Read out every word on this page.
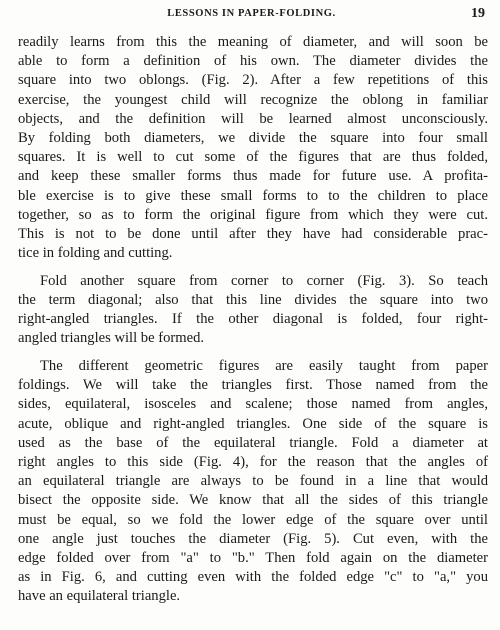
LESSONS IN PAPER-FOLDING.	19
readily learns from this the meaning of diameter, and will soon be
able to form a definition of his own. The diameter divides the
square into two oblongs. (Fig. 2). After a few repetitions of this
exercise, the youngest child will recognize the oblong in familiar
objects, and the definition will be learned almost unconsciously.
By folding both diameters, we divide the square into four small
squares. It is well to cut some of the figures that are thus folded,
and keep these smaller forms thus made for future use. A profita-
ble exercise is to give these small forms to to the children to place
together, so as to form the original figure from which they were cut.
This is not to be done until after they have had considerable prac-
tice in folding and cutting.
Fold another square from corner to corner (Fig. 3). So teach
the term diagonal; also that this line divides the square into two
right-angled triangles. If the other diagonal is folded, four right-
angled triangles will be formed.
The different geometric figures are easily taught from paper
foldings. We will take the triangles first. Those named from the
sides, equilateral, isosceles and scalene; those named from angles,
acute, oblique and right-angled triangles. One side of the square is
used as the base of the equilateral triangle. Fold a diameter at
right angles to this side (Fig. 4), for the reason that the angles of
an equilateral triangle are always to be found in a line that would
bisect the opposite side. We know that all the sides of this triangle
must be equal, so we fold the lower edge of the square over until
one angle just touches the diameter (Fig. 5). Cut even, with the
edge folded over from "a" to "b." Then fold again on the diameter
as in Fig. 6, and cutting even with the folded edge "c" to "a," you
have an equilateral triangle.
